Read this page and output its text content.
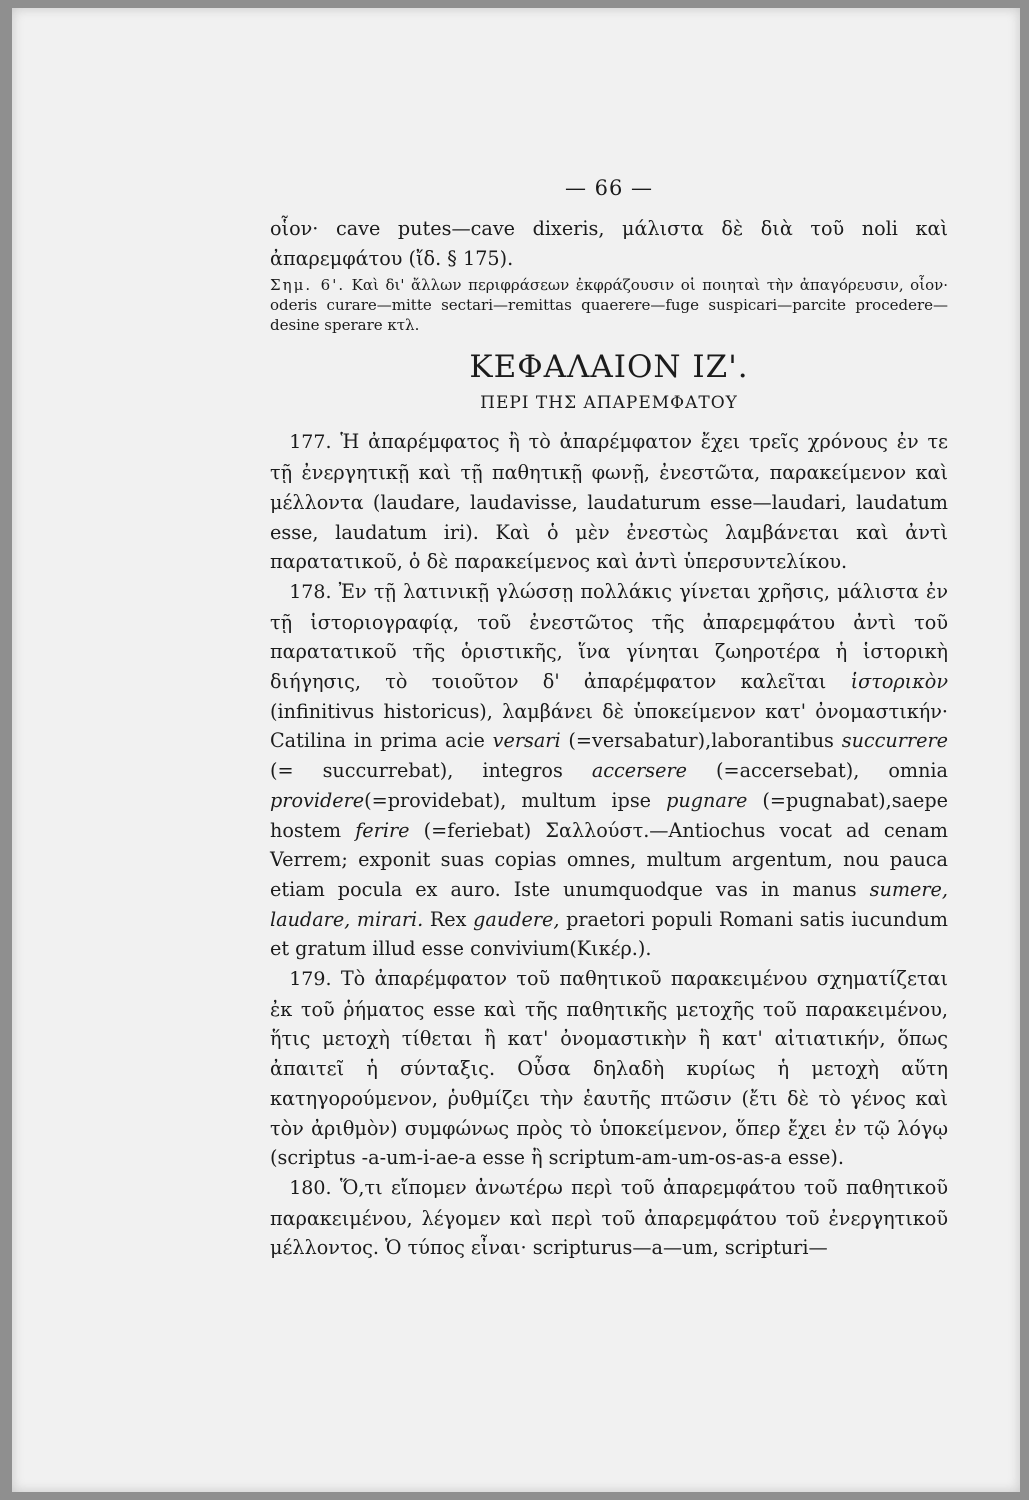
— 66 —

οἷον· cave putes—cave dixeris, μάλιστα δὲ διὰ τοῦ noli καὶ ἀπαρεμφάτου (ἴδ. § 175).

Σημ. 6'. Καὶ δι' ἄλλων περιφράσεων ἐκφράζουσιν οἱ ποιηταὶ τὴν ἀπαγόρευσιν, οἷον· oderis curare—mitte sectari—remittas quaerere—fuge suspicari—parcite procedere—desine sperare κτλ.

ΚΕΦΑΛΑΙΟΝ ΙΖ'.
ΠΕΡΙ ΤΗΣ ΑΠΑΡΕΜΦΑΤΟΥ

 177. Ἡ ἀπαρέμφατος ἢ τὸ ἀπαρέμφατον ἔχει τρεῖς χρόνους ἐν τε τῇ ἐνεργητικῇ καὶ τῇ παθητικῇ φωνῇ, ἐνεστῶτα, παρακείμενον καὶ μέλλοντα (laudare, laudavisse, laudaturum esse—laudari, laudatum esse, laudatum iri). Καὶ ὁ μὲν ἐνεστὼς λαμβάνεται καὶ ἀντὶ παρατατικοῦ, ὁ δὲ παρακείμενος καὶ ἀντὶ ὑπερσυντελίκου.

 178. Ἐν τῇ λατινικῇ γλώσσῃ πολλάκις γίνεται χρῆσις, μάλιστα ἐν τῇ ἱστοριογραφίᾳ, τοῦ ἐνεστῶτος τῆς ἀπαρεμφάτου ἀντὶ τοῦ παρατατικοῦ τῆς ὁριστικῆς, ἵνα γίνηται ζωηροτέρα ἡ ἱστορικὴ διήγησις, τὸ τοιοῦτον δ' ἀπαρέμφατον καλεῖται ἱστορικὸν (infinitivus historicus), λαμβάνει δὲ ὑποκείμενον κατ' ὀνομαστικήν· Catilina in prima acie versari (=versabatur),laborantibus succurrere (= succurrebat), integros accersere (=accersebat), omnia providere(=providebat), multum ipse pugnare (=pugnabat),saepe hostem ferire (=feriebat) Σαλλούστ.—Antiochus vocat ad cenam Verrem; exponit suas copias omnes, multum argentum, nou pauca etiam pocula ex auro. Iste unumquodque vas in manus sumere, laudare, mirari. Rex gaudere, praetori populi Romani satis iucundum et gratum illud esse convivium(Κικέρ.).

 179. Τὸ ἀπαρέμφατον τοῦ παθητικοῦ παρακειμένου σχηματίζεται ἐκ τοῦ ῥήματος esse καὶ τῆς παθητικῆς μετοχῆς τοῦ παρακειμένου, ἥτις μετοχὴ τίθεται ἢ κατ' ὀνομαστικὴν ἢ κατ' αἰτιατικήν, ὅπως ἀπαιτεῖ ἡ σύνταξις. Οὖσα δηλαδὴ κυρίως ἡ μετοχὴ αὕτη κατηγορούμενον, ῥυθμίζει τὴν ἑαυτῆς πτῶσιν (ἔτι δὲ τὸ γένος καὶ τὸν ἀριθμὸν) συμφώνως πρὸς τὸ ὑποκείμενον, ὅπερ ἔχει ἐν τῷ λόγῳ (scriptus -a-um-i-ae-a esse ἢ scriptum-am-um-os-as-a esse).

 180. Ὅ,τι εἴπομεν ἀνωτέρω περὶ τοῦ ἀπαρεμφάτου τοῦ παθητικοῦ παρακειμένου, λέγομεν καὶ περὶ τοῦ ἀπαρεμφάτου τοῦ ἐνεργητικοῦ μέλλοντος. Ὁ τύπος εἶναι· scripturus—a—um, scripturi—
